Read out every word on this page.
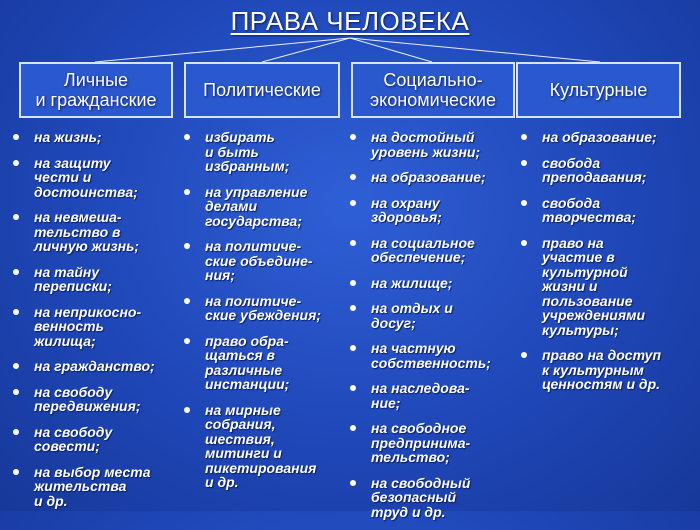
ПРАВА ЧЕЛОВЕКА
Личные
и гражданские	Политические	Социально-
экономические	Культурные
на жизнь;
на защиту
чести и
достоинства;
на невмеша-
тельство в
личную жизнь;
на тайну
переписки;
на неприкосно-
венность
жилища;
на гражданство;
на свободу
передвижения;
на свободу
совести;
на выбор места
жительства
и др.
избирать
и быть
избранным;
на управление
делами
государства;
на политиче-
ские объедине-
ния;
на политиче-
ские убеждения;
право обра-
щаться в
различные
инстанции;
на мирные
собрания,
шествия,
митинги и
пикетирования
и др.
на достойный
уровень жизни;
на образование;
на охрану
здоровья;
на социальное
обеспечение;
на жилище;
на отдых и
досуг;
на частную
собственность;
на наследова-
ние;
на свободное
предпринима-
тельство;
на свободный
безопасный
труд и др.
на образование;
свобода
преподавания;
свобода
творчества;
право на
участие в
культурной
жизни и
пользование
учреждениями
культуры;
право на доступ
к культурным
ценностям и др.
